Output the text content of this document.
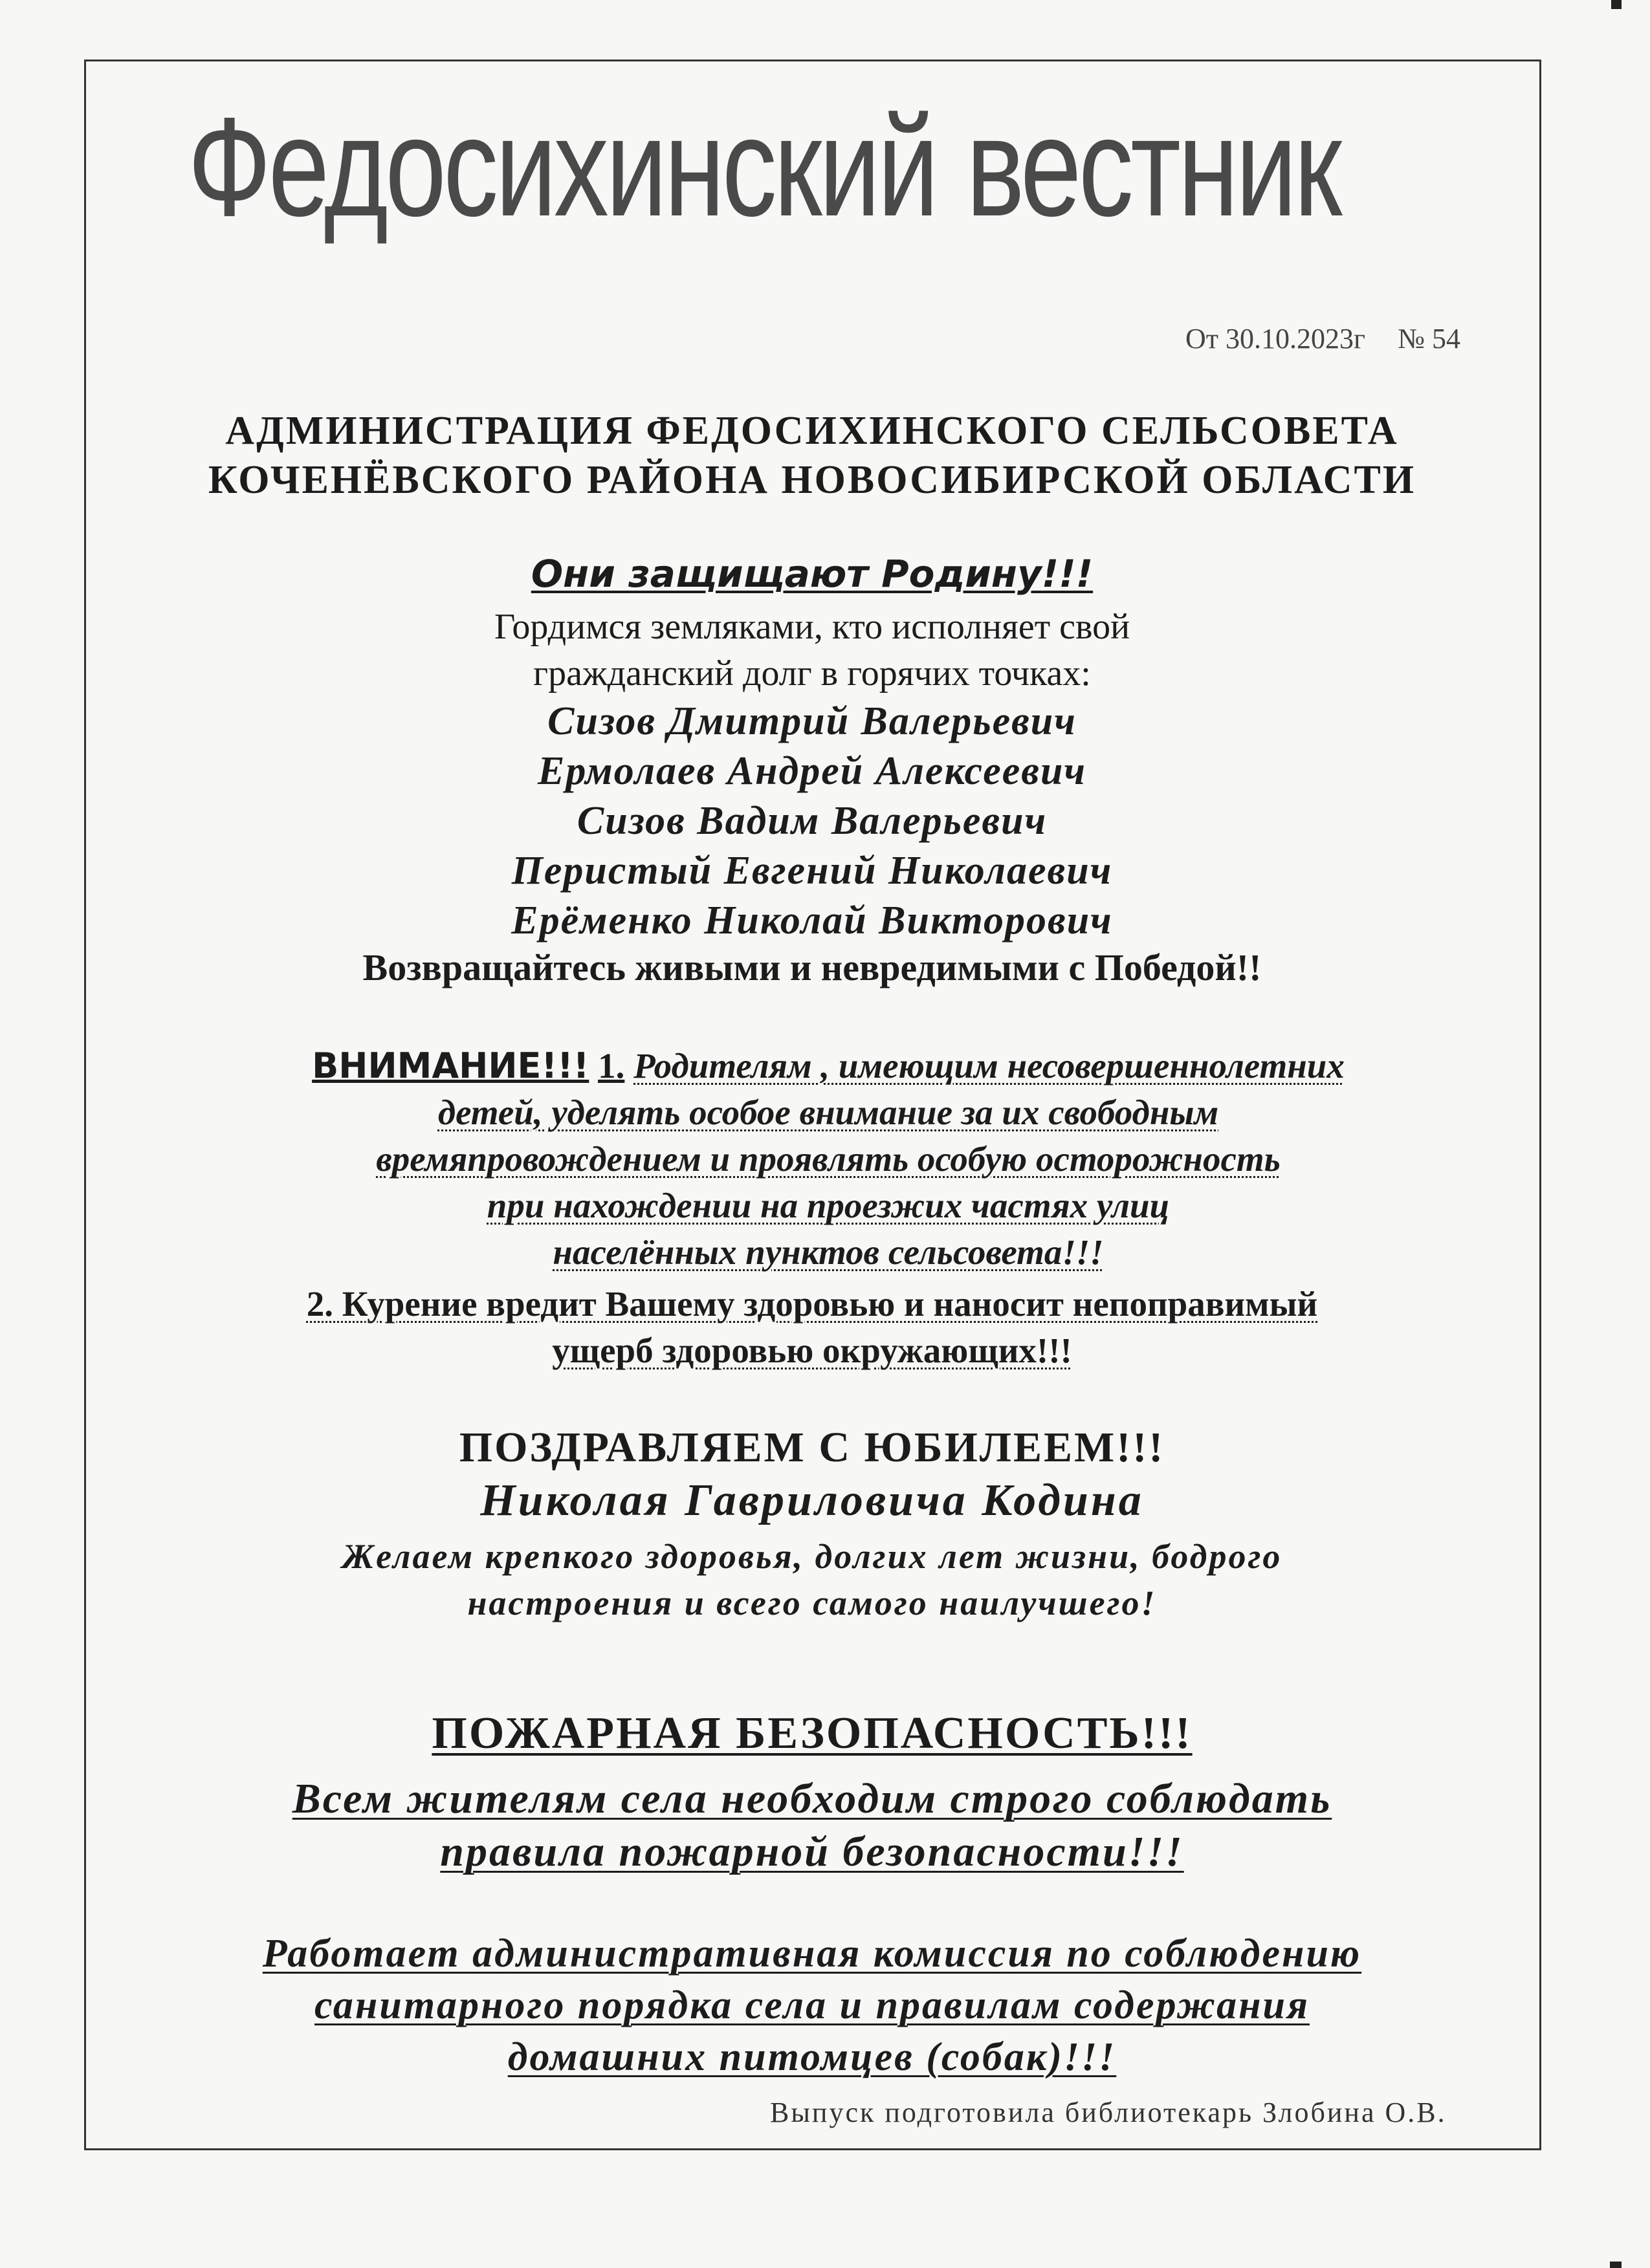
Федосихинский вестник
От 30.10.2023г № 54
АДМИНИСТРАЦИЯ ФЕДОСИХИНСКОГО СЕЛЬСОВЕТА
КОЧЕНЁВСКОГО РАЙОНА НОВОСИБИРСКОЙ ОБЛАСТИ
Они защищают Родину!!!
Гордимся земляками, кто исполняет свой
гражданский долг в горячих точках:
Сизов Дмитрий Валерьевич
Ермолаев Андрей Алексеевич
Сизов Вадим Валерьевич
Перистый Евгений Николаевич
Ерёменко Николай Викторович
Возвращайтесь живыми и невредимыми с Победой!!
ВНИМАНИЕ!!! 1. Родителям , имеющим несовершеннолетних
детей, уделять особое внимание за их свободным
времяпровождением и проявлять особую осторожность
при нахождении на проезжих частях улиц
населённых пунктов сельсовета!!!
2. Курение вредит Вашему здоровью и наносит непоправимый
ущерб здоровью окружающих!!!
ПОЗДРАВЛЯЕМ С ЮБИЛЕЕМ!!!
Николая Гавриловича Кодина
Желаем крепкого здоровья, долгих лет жизни, бодрого
настроения и всего самого наилучшего!
ПОЖАРНАЯ БЕЗОПАСНОСТЬ!!!
Всем жителям села необходим строго соблюдать
правила пожарной безопасности!!!
Работает административная комиссия по соблюдению
санитарного порядка села и правилам содержания
домашних питомцев (собак)!!!
Выпуск подготовила библиотекарь Злобина О.В.
